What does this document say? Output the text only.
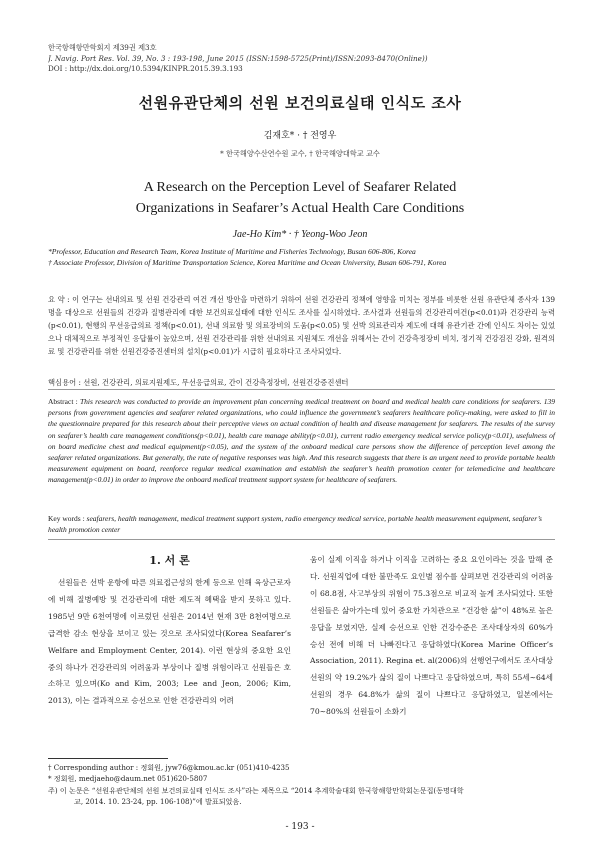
한국항해항만학회지 제39권 제3호
J. Navig. Port Res. Vol. 39, No. 3 : 193-198, June 2015 (ISSN:1598-5725(Print)/ISSN:2093-8470(Online))
DOI : http://dx.doi.org/10.5394/KINPR.2015.39.3.193
선원유관단체의 선원 보건의료실태 인식도 조사
김재호* · † 전영우
* 한국해양수산연수원 교수, † 한국해양대학교 교수
A Research on the Perception Level of Seafarer Related
Organizations in Seafarer’s Actual Health Care Conditions
Jae-Ho Kim* · † Yeong-Woo Jeon
*Professor, Education and Research Team, Korea Institute of Maritime and Fisheries Technology, Busan 606-806, Korea
† Associate Professor, Division of Maritime Transportation Science, Korea Maritime and Ocean University, Busan 606-791, Korea
요 약 : 이 연구는 선내의료 및 선원 건강관리 여건 개선 방안을 마련하기 위하여 선원 건강관리 정책에 영향을 미치는 정부를 비롯한 선원 유관단체 종사자 139명을 대상으로 선원들의 건강과 질병관리에 대한 보건의료실태에 대한 인식도 조사를 실시하였다. 조사결과 선원들의 건강관리여건(p<0.01)과 건강관리 능력(p<0.01), 현행의 무선응급의료 정책(p<0.01), 선내 의료함 및 의료장비의 도움(p<0.05) 및 선박 의료관리자 제도에 대해 유관기관 간에 인식도 차이는 있었으나 대체적으로 부정적인 응답률이 높았으며, 선원 건강관리를 위한 선내의료 지원체도 개선을 위해서는 간이 건강측정장비 비치, 정기적 건강검진 강화, 원격의료 및 건강관리를 위한 선원건강증진센터의 설치(p<0.01)가 시급히 필요하다고 조사되었다.
핵심용어 : 선원, 건강관리, 의료지원제도, 무선응급의료, 간이 건강측정장비, 선원건강증진센터
Abstract : This research was conducted to provide an improvement plan concerning medical treatment on board and medical health care conditions for seafarers. 139 persons from government agencies and seafarer related organizations, who could influence the government’s seafarers healthcare policy-making, were asked to fill in the questionnaire prepared for this research about their perceptive views on actual condition of health and disease management for seafarers. The results of the survey on seafarer’s health care management conditions(p<0.01), health care manage ability(p<0.01), current radio emergency medical service policy(p<0.01), usefulness of on board medicine chest and medical equipment(p<0.05), and the system of the onboard medical care persons show the difference of perception level among the seafarer related organizations. But generally, the rate of negative responses was high. And this research suggests that there is an urgent need to provide portable health measurement equipment on board, reenforce regular medical examination and establish the seafarer’s health promotion center for telemedicine and healthcare management(p<0.01) in order to improve the onboard medical treatment support system for healthcare of seafarers.
Key words : seafarers, health management, medical treatment support system, radio emergency medical service, portable health measurement equipment, seafarer’s health promotion center
1. 서 론
선원들은 선박 운항에 따른 의료접근성의 한계 등으로 인해 육상근로자에 비해 질병예방 및 건강관리에 대한 제도적 혜택을 받지 못하고 있다. 1985년 9만 6천여명에 이르렀던 선원은 2014년 현재 3만 8천여명으로 급격한 감소 현상을 보이고 있는 것으로 조사되었다(Korea Seafarer’s Welfare and Employment Center, 2014). 이런 현상의 중요한 요인 중의 하나가 건강관리의 어려움과 부상이나 질병 위험이라고 선원들은 호소하고 있으며(Ko and Kim, 2003; Lee and Jeon, 2006; Kim, 2013), 이는 결과적으로 승선으로 인한 건강관리의 어려
움이 실제 이직을 하거나 이직을 고려하는 중요 요인이라는 것을 말해 준다. 선원직업에 대한 불만족도 요인별 점수를 살펴보면 건강관리의 어려움이 68.8점, 사고부상의 위험이 75.3점으로 비교적 높게 조사되었다. 또한 선원들은 삶아가는데 있어 중요한 가치관으로 “건강한 삶”이 48%로 높은 응답을 보였지만, 실제 승선으로 인한 건강수준은 조사대상자의 60%가 승선 전에 비해 더 나빠진다고 응답하였다(Korea Marine Officer’s Association, 2011). Regina et. al(2006)의 선행연구에서도 조사대상 선원의 약 19.2%가 삶의 질이 나쁘다고 응답하였으며, 특히 55세∼64세 선원의 경우 64.8%가 삶의 질이 나쁘다고 응답하였고, 일본에서는 70∼80%의 선원들이 소화기
† Corresponding author : 정회원, jyw76@kmou.ac.kr (051)410-4235
* 정회원, medjaeho@daum.net 051)620-5807
주) 이 논문은 “선원유관단체의 선원 보건의료실태 인식도 조사”라는 제목으로 “2014 추계학술대회 한국항해항만학회논문집(동명대학
교, 2014. 10. 23-24, pp. 106-108)”에 발표되었음.
- 193 -
